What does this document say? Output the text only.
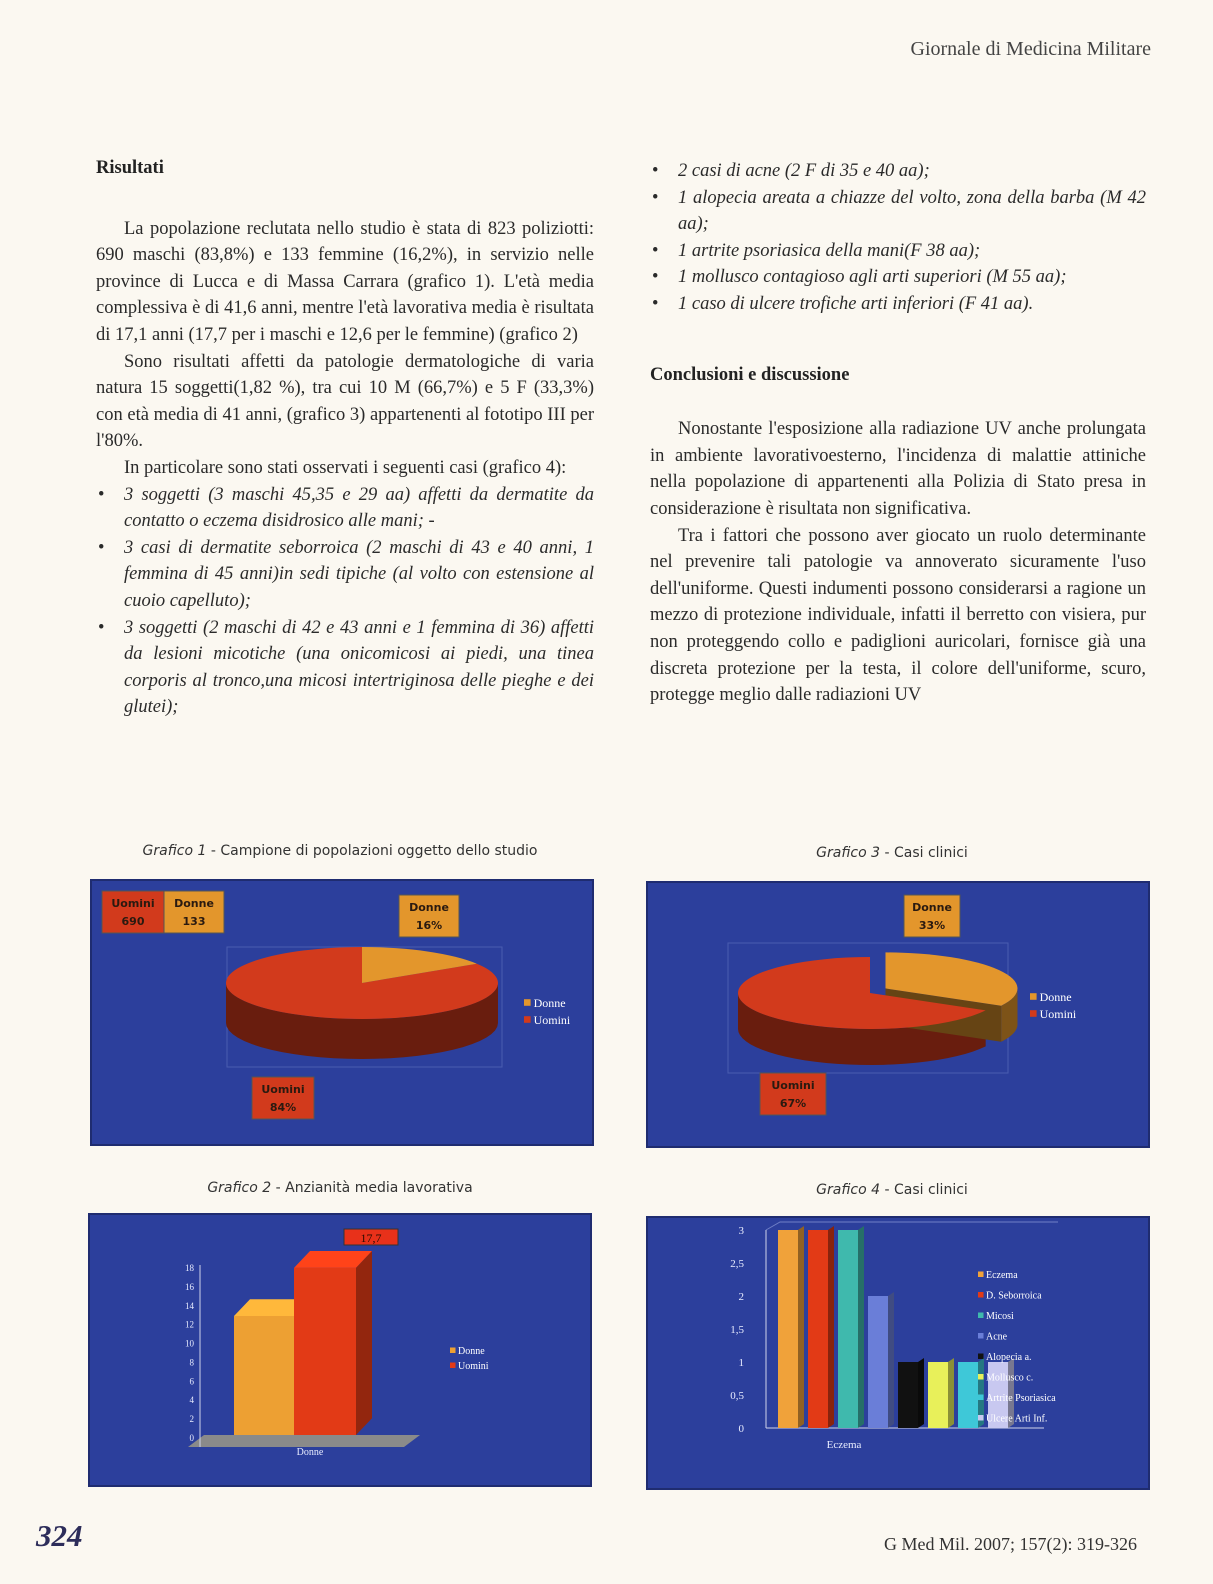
Giornale di Medicina Militare
Risultati

La popolazione reclutata nello studio è stata di 823 poliziotti: 690 maschi (83,8%) e 133 femmine (16,2%), in servizio nelle province di Lucca e di Massa Carrara (grafico 1). L'età media complessiva è di 41,6 anni, mentre l'età lavorativa media è risultata di 17,1 anni (17,7 per i maschi e 12,6 per le femmine) (grafico 2)

Sono risultati affetti da patologie dermatologiche di varia natura 15 soggetti(1,82 %), tra cui 10 M (66,7%) e 5 F (33,3%) con età media di 41 anni, (grafico 3) appartenenti al fototipo III per l'80%.

In particolare sono stati osservati i seguenti casi (grafico 4):

• 3 soggetti (3 maschi 45,35 e 29 aa) affetti da dermatite da contatto o eczema disidrosico alle mani; -
• 3 casi di dermatite seborroica (2 maschi di 43 e 40 anni, 1 femmina di 45 anni)in sedi tipiche (al volto con estensione al cuoio capelluto);
• 3 soggetti (2 maschi di 42 e 43 anni e 1 femmina di 36) affetti da lesioni micotiche (una onicomicosi ai piedi, una tinea corporis al tronco,una micosi intertriginosa delle pieghe e dei glutei);
• 2 casi di acne (2 F di 35 e 40 aa);
• 1 alopecia areata a chiazze del volto, zona della barba (M 42 aa);
• 1 artrite psoriasica della mani(F 38 aa);
• 1 mollusco contagioso agli arti superiori (M 55 aa);
• 1 caso di ulcere trofiche arti inferiori (F 41 aa).
Conclusioni e discussione

Nonostante l'esposizione alla radiazione UV anche prolungata in ambiente lavorativoesterno, l'incidenza di malattie attiniche nella popolazione di appartenenti alla Polizia di Stato presa in considerazione è risultata non significativa.

Tra i fattori che possono aver giocato un ruolo determinante nel prevenire tali patologie va annoverato sicuramente l'uso dell'uniforme. Questi indumenti possono considerarsi a ragione un mezzo di protezione individuale, infatti il berretto con visiera, pur non proteggendo collo e padiglioni auricolari, fornisce già una discreta protezione per la testa, il colore dell'uniforme, scuro, protegge meglio dalle radiazioni UV

Grafico 1 - Campione di popolazioni oggetto dello studio	Grafico 3 - Casi clinici
Grafico 2 - Anzianità media lavorativa	Grafico 4 - Casi clinici
Uomini
690
Donne
133
Donne
16%
Uomini
84%
Donne
Uomini
Donne
33%
Uomini
67%
Donne
Uomini
0
2
4
6
8
10
12
14
16
18
17,7
Donne
Donne
Uomini
0
0,5
1
1,5
2
2,5
3
Eczema
Eczema
D. Seborroica
Micosi
Acne
Alopecia a.
Mollusco c.
Artrite Psoriasica
Ulcere Arti Inf.
324	G Med Mil. 2007; 157(2): 319-326
